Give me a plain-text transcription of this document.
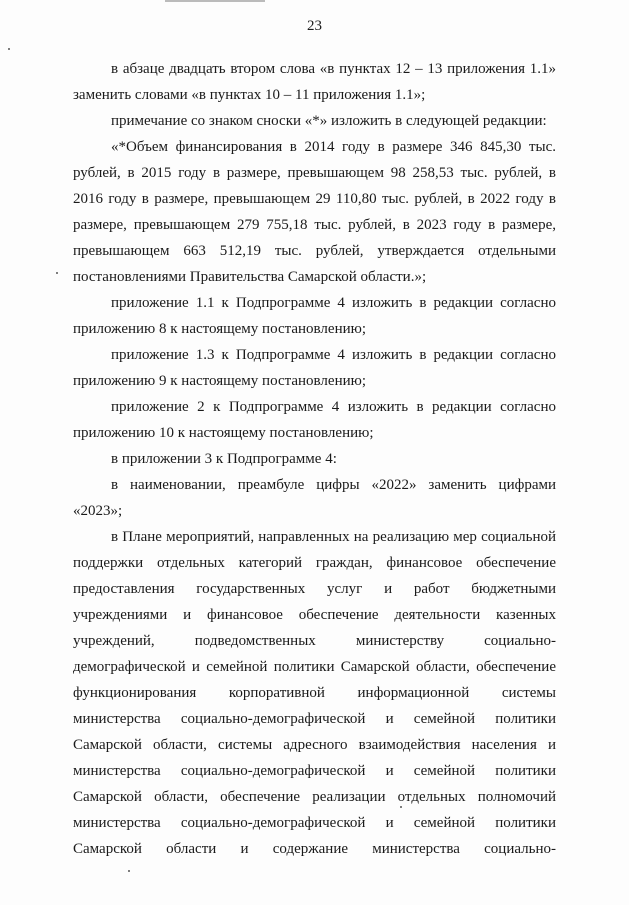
23

в абзаце двадцать втором слова «в пунктах 12 – 13 приложения 1.1» заменить словами «в пунктах 10 – 11 приложения 1.1»;

примечание со знаком сноски «*» изложить в следующей редакции:

«*Объем финансирования в 2014 году в размере 346 845,30 тыс. рублей, в 2015 году в размере, превышающем 98 258,53 тыс. рублей, в 2016 году в размере, превышающем 29 110,80 тыс. рублей, в 2022 году в размере, превышающем 279 755,18 тыс. рублей, в 2023 году в размере, превышающем 663 512,19 тыс. рублей, утверждается отдельными постановлениями Правительства Самарской области.»;

приложение 1.1 к Подпрограмме 4 изложить в редакции согласно приложению 8 к настоящему постановлению;

приложение 1.3 к Подпрограмме 4 изложить в редакции согласно приложению 9 к настоящему постановлению;

приложение 2 к Подпрограмме 4 изложить в редакции согласно приложению 10 к настоящему постановлению;

в приложении 3 к Подпрограмме 4:

в наименовании, преамбуле цифры «2022» заменить цифрами «2023»;

в Плане мероприятий, направленных на реализацию мер социальной поддержки отдельных категорий граждан, финансовое обеспечение предоставления государственных услуг и работ бюджетными учреждениями и финансовое обеспечение деятельности казенных учреждений, подведомственных министерству социально-демографической и семейной политики Самарской области, обеспечение функционирования корпоративной информационной системы министерства социально-демографической и семейной политики Самарской области, системы адресного взаимодействия населения и министерства социально-демографической и семейной политики Самарской области, обеспечение реализации отдельных полномочий министерства социально-демографической и семейной политики Самарской области и содержание министерства социально-
